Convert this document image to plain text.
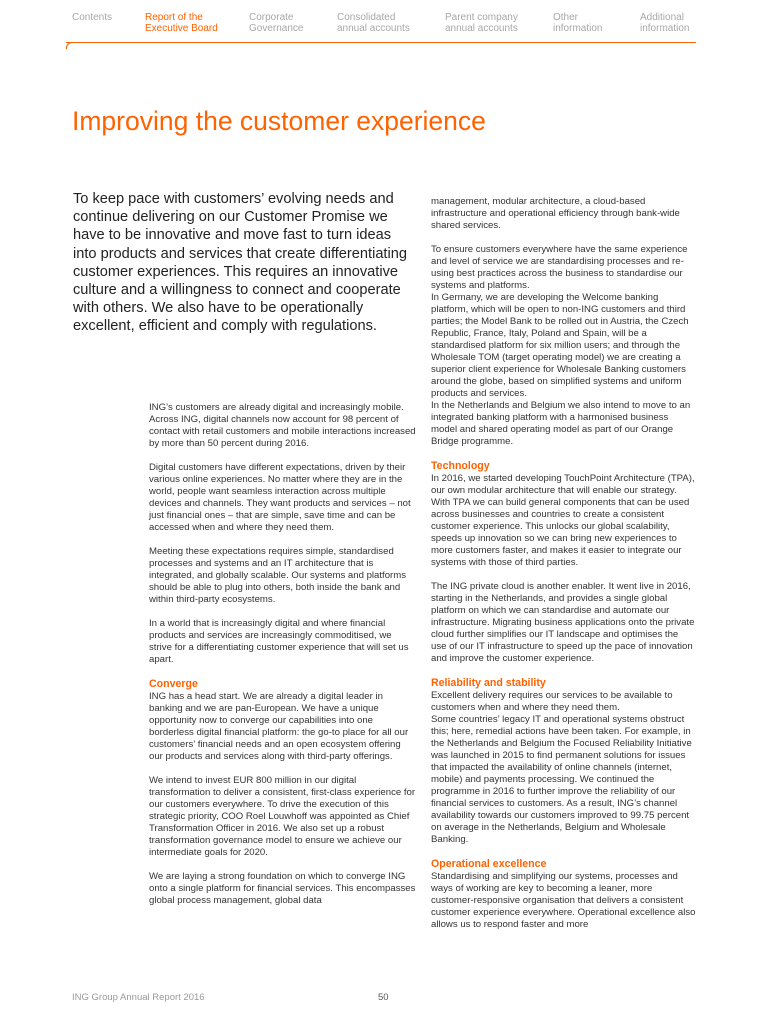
Contents	Report of the
Executive Board
Corporate
Governance
Consolidated
annual accounts
Parent company
annual accounts
Other
information
Additional
information
Improving the customer experience

To keep pace with customers’ evolving needs and continue delivering on our Customer Promise we have to be innovative and move fast to turn ideas into products and services that create differentiating customer experiences. This requires an innovative culture and a willingness to connect and cooperate with others. We also have to be operationally excellent, efficient and comply with regulations.

ING’s customers are already digital and increasingly mobile. Across ING, digital channels now account for 98 percent of contact with retail customers and mobile interactions increased by more than 50 percent during 2016.

Digital customers have different expectations, driven by their various online experiences. No matter where they are in the world, people want seamless interaction across multiple devices and channels. They want products and services – not just financial ones – that are simple, save time and can be accessed when and where they need them.

Meeting these expectations requires simple, standardised processes and systems and an IT architecture that is integrated, and globally scalable. Our systems and platforms should be able to plug into others, both inside the bank and within third-party ecosystems.

In a world that is increasingly digital and where financial products and services are increasingly commoditised, we strive for a differentiating customer experience that will set us apart.

Converge

ING has a head start. We are already a digital leader in banking and we are pan-European. We have a unique opportunity now to converge our capabilities into one borderless digital financial platform: the go-to place for all our customers’ financial needs and an open ecosystem offering our products and services along with third-party offerings.

We intend to invest EUR 800 million in our digital transformation to deliver a consistent, first-class experience for our customers everywhere. To drive the execution of this strategic priority, COO Roel Louwhoff was appointed as Chief Transformation Officer in 2016. We also set up a robust transformation governance model to ensure we achieve our intermediate goals for 2020.

We are laying a strong foundation on which to converge ING onto a single platform for financial services. This encompasses global process management, global data

management, modular architecture, a cloud-based infrastructure and operational efficiency through bank-wide shared services.

To ensure customers everywhere have the same experience and level of service we are standardising processes and re-using best practices across the business to standardise our systems and platforms.

In Germany, we are developing the Welcome banking platform, which will be open to non-ING customers and third parties; the Model Bank to be rolled out in Austria, the Czech Republic, France, Italy, Poland and Spain, will be a standardised platform for six million users; and through the Wholesale TOM (target operating model) we are creating a superior client experience for Wholesale Banking customers around the globe, based on simplified systems and uniform products and services.

In the Netherlands and Belgium we also intend to move to an integrated banking platform with a harmonised business model and shared operating model as part of our Orange Bridge programme.

Technology

In 2016, we started developing TouchPoint Architecture (TPA), our own modular architecture that will enable our strategy. With TPA we can build general components that can be used across businesses and countries to create a consistent customer experience. This unlocks our global scalability, speeds up innovation so we can bring new experiences to more customers faster, and makes it easier to integrate our systems with those of third parties.

The ING private cloud is another enabler. It went live in 2016, starting in the Netherlands, and provides a single global platform on which we can standardise and automate our infrastructure. Migrating business applications onto the private cloud further simplifies our IT landscape and optimises the use of our IT infrastructure to speed up the pace of innovation and improve the customer experience.

Reliability and stability

Excellent delivery requires our services to be available to customers when and where they need them.

Some countries’ legacy IT and operational systems obstruct this; here, remedial actions have been taken. For example, in the Netherlands and Belgium the Focused Reliability Initiative was launched in 2015 to find permanent solutions for issues that impacted the availability of online channels (internet, mobile) and payments processing. We continued the programme in 2016 to further improve the reliability of our financial services to customers. As a result, ING’s channel availability towards our customers improved to 99.75 percent on average in the Netherlands, Belgium and Wholesale Banking.

Operational excellence

Standardising and simplifying our systems, processes and ways of working are key to becoming a leaner, more customer-responsive organisation that delivers a consistent customer experience everywhere. Operational excellence also allows us to respond faster and more

ING Group Annual Report 2016	50
